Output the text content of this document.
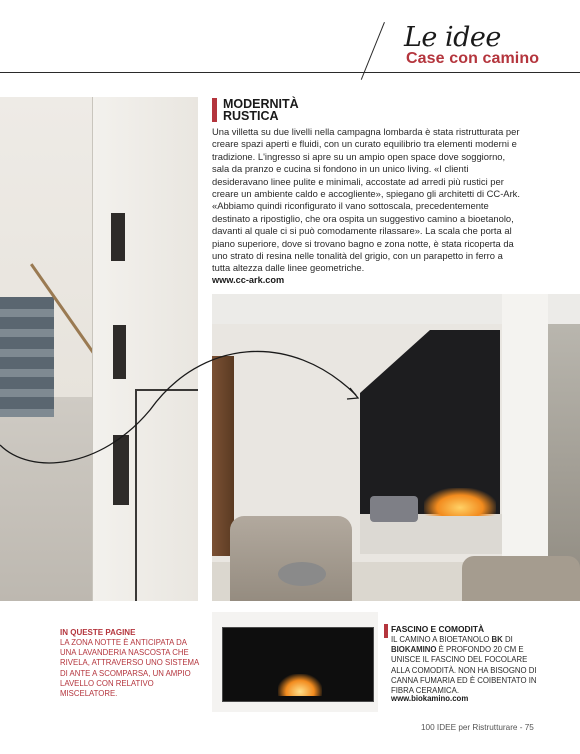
Le idee
Case con camino
MODERNITÀ
RUSTICA
Una villetta su due livelli nella campagna lombarda è stata ristrutturata per creare spazi aperti e fluidi, con un curato equilibrio tra elementi moderni e tradizione. L'ingresso si apre su un ampio open space dove soggiorno, sala da pranzo e cucina si fondono in un unico living. «I clienti desideravano linee pulite e minimali, accostate ad arredi più rustici per creare un ambiente caldo e accogliente», spiegano gli architetti di CC-Ark. «Abbiamo quindi riconfigurato il vano sottoscala, precedentemente destinato a ripostiglio, che ora ospita un suggestivo camino a bioetanolo, davanti al quale ci si può comodamente rilassare». La scala che porta al piano superiore, dove si trovano bagno e zona notte, è stata ricoperta da uno strato di resina nelle tonalità del grigio, con un parapetto in ferro a tutta altezza dalle linee geometriche.
www.cc-ark.com
IN QUESTE PAGINE
LA ZONA NOTTE È ANTICIPATA DA UNA LAVANDERIA NASCOSTA CHE RIVELA, ATTRAVERSO UNO SISTEMA DI ANTE A SCOMPARSA, UN AMPIO LAVELLO CON RELATIVO MISCELATORE.
FASCINO E COMODITÀ
IL CAMINO A BIOETANOLO BK DI BIOKAMINO È PROFONDO 20 CM E UNISCE IL FASCINO DEL FOCOLARE ALLA COMODITÀ. NON HA BISOGNO DI CANNA FUMARIA ED È COIBENTATO IN FIBRA CERAMICA.
www.biokamino.com
100 IDEE per Ristrutturare - 75
